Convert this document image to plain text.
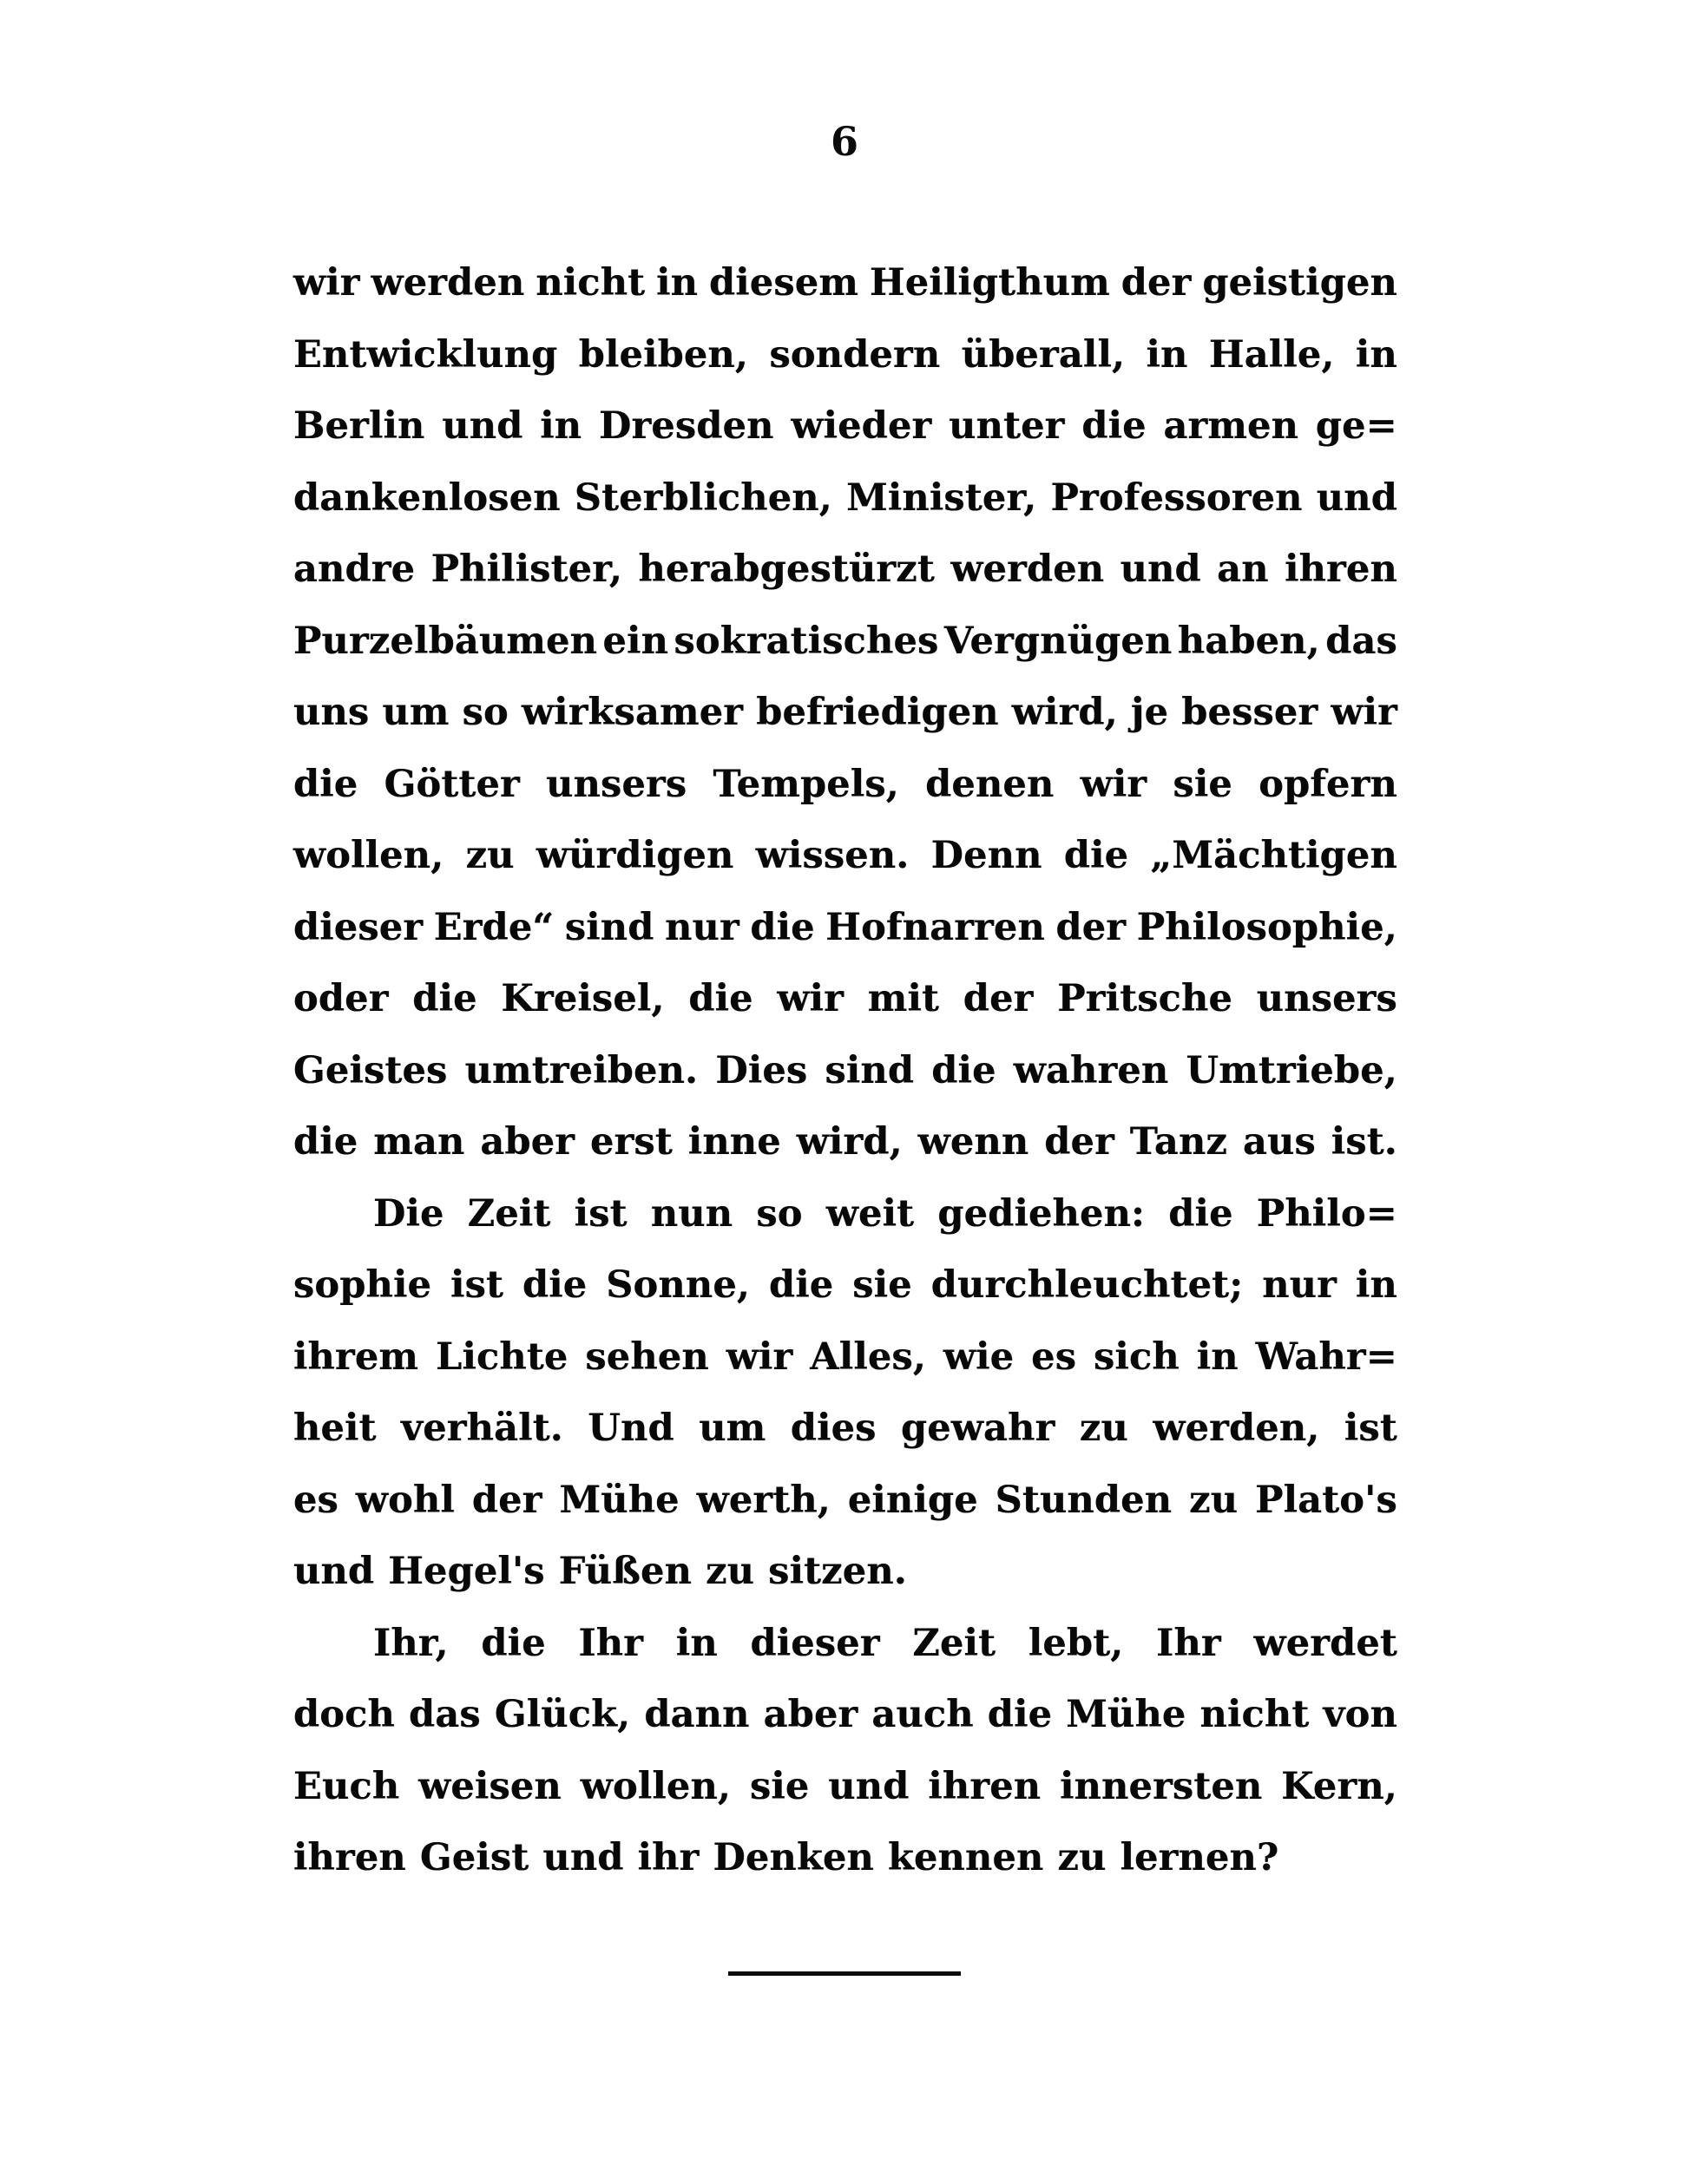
6
wir werden nicht in diesem Heiligthum der geistigen
Entwicklung bleiben, sondern überall, in Halle, in
Berlin und in Dresden wieder unter die armen ge=
dankenlosen Sterblichen, Minister, Professoren und
andre Philister, herabgestürzt werden und an ihren
Purzelbäumen ein sokratisches Vergnügen haben, das
uns um so wirksamer befriedigen wird, je besser wir
die Götter unsers Tempels, denen wir sie opfern
wollen, zu würdigen wissen. Denn die „Mächtigen
dieser Erde“ sind nur die Hofnarren der Philosophie,
oder die Kreisel, die wir mit der Pritsche unsers
Geistes umtreiben. Dies sind die wahren Umtriebe,
die man aber erst inne wird, wenn der Tanz aus ist.
Die Zeit ist nun so weit gediehen: die Philo=
sophie ist die Sonne, die sie durchleuchtet; nur in
ihrem Lichte sehen wir Alles, wie es sich in Wahr=
heit verhält. Und um dies gewahr zu werden, ist
es wohl der Mühe werth, einige Stunden zu Plato's
und Hegel's Füßen zu sitzen.
Ihr, die Ihr in dieser Zeit lebt, Ihr werdet
doch das Glück, dann aber auch die Mühe nicht von
Euch weisen wollen, sie und ihren innersten Kern,
ihren Geist und ihr Denken kennen zu lernen?
